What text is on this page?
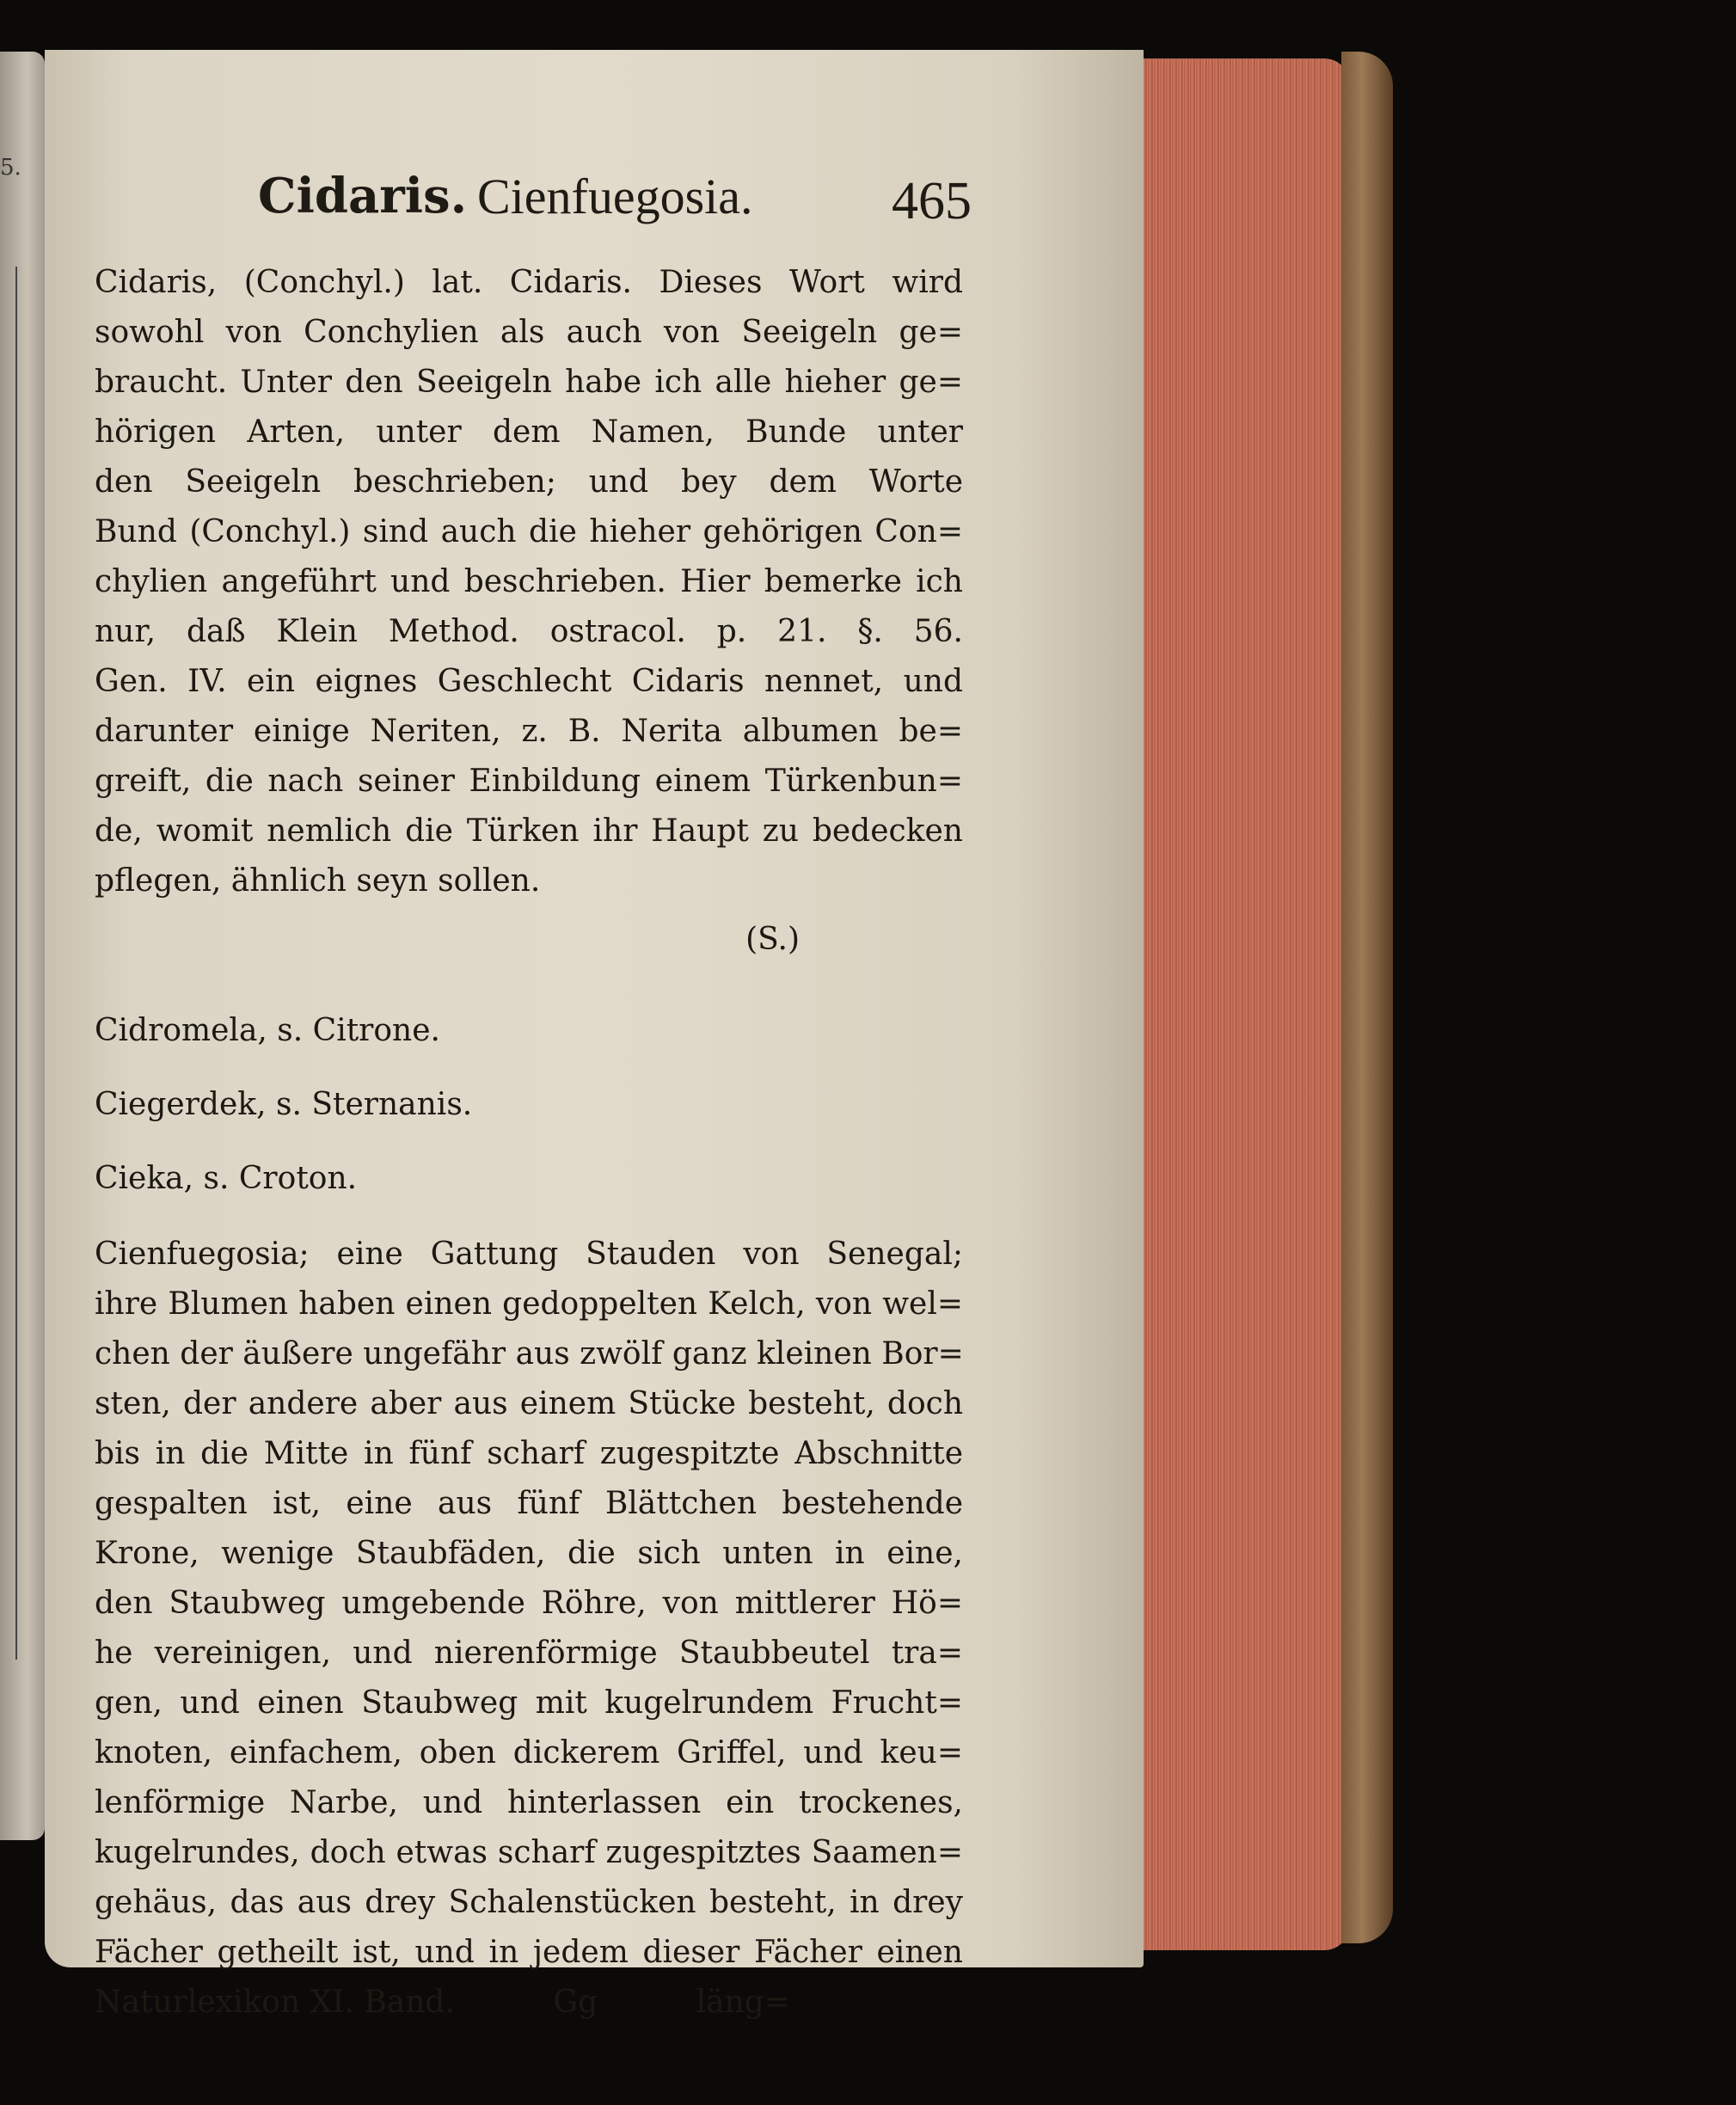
5.	Cidaris. Cienfuegosia.	465
Cidaris, (Conchyl.) lat. Cidaris. Dieses Wort wird
sowohl von Conchylien als auch von Seeigeln ge=
braucht. Unter den Seeigeln habe ich alle hieher ge=
hörigen Arten, unter dem Namen, Bunde unter
den Seeigeln beschrieben; und bey dem Worte
Bund (Conchyl.) sind auch die hieher gehörigen Con=
chylien angeführt und beschrieben. Hier bemerke ich
nur, daß Klein Method. ostracol. p. 21. §. 56.
Gen. IV. ein eignes Geschlecht Cidaris nennet, und
darunter einige Neriten, z. B. Nerita albumen be=
greift, die nach seiner Einbildung einem Türkenbun=
de, womit nemlich die Türken ihr Haupt zu bedecken
pflegen, ähnlich seyn sollen.
(S.)
Cidromela, s. Citrone.
Ciegerdek, s. Sternanis.
Cieka, s. Croton.
Cienfuegosia; eine Gattung Stauden von Senegal;
ihre Blumen haben einen gedoppelten Kelch, von wel=
chen der äußere ungefähr aus zwölf ganz kleinen Bor=
sten, der andere aber aus einem Stücke besteht, doch
bis in die Mitte in fünf scharf zugespitzte Abschnitte
gespalten ist, eine aus fünf Blättchen bestehende
Krone, wenige Staubfäden, die sich unten in eine,
den Staubweg umgebende Röhre, von mittlerer Hö=
he vereinigen, und nierenförmige Staubbeutel tra=
gen, und einen Staubweg mit kugelrundem Frucht=
knoten, einfachem, oben dickerem Griffel, und keu=
lenförmige Narbe, und hinterlassen ein trockenes,
kugelrundes, doch etwas scharf zugespitztes Saamen=
gehäus, das aus drey Schalenstücken besteht, in drey
Fächer getheilt ist, und in jedem dieser Fächer einen
Naturlexikon XI. Band.          Gg          läng=
